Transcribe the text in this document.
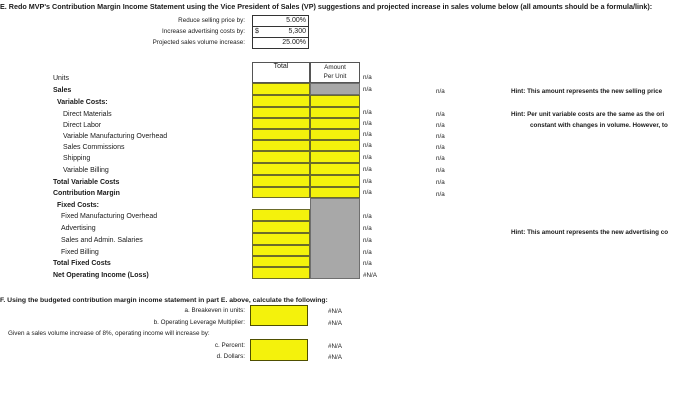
E. Redo MVP's Contribution Margin Income Statement using the Vice President of Sales (VP) suggestions and projected increase in sales volume below (all amounts should be a formula/link):
Reduce selling price by:
Increase advertising costs by:
Projected sales volume increase:
5.00%
$	5,300
25.00%
Total	Amount
Per Unit
Units
Sales
Variable Costs:
Direct Materials
Direct Labor
Variable Manufacturing Overhead
Sales Commissions
Shipping
Variable Billing
Total Variable Costs
Contribution Margin
Fixed Costs:
Fixed Manufacturing Overhead
Advertising
Sales and Admin. Salaries
Fixed Billing
Total Fixed Costs
Net Operating Income (Loss)
n/a
n/a
n/a
n/a
n/a
n/a
n/a
n/a
n/a
n/a
n/a
n/a
n/a
n/a
n/a
#N/A
n/a
n/a
n/a
n/a
n/a
n/a
n/a
n/a
n/a
Hint: This amount represents the new selling price
Hint: Per unit variable costs are the same as the ori
constant with changes in volume. However, to
Hint: This amount represents the new advertising co
F. Using the budgeted contribution margin income statement in part E. above, calculate the following:
a. Breakeven in units:
b. Operating Leverage Multiplier:
Given a sales volume increase of 8%, operating income will increase by:
c. Percent:
d. Dollars:
#N/A
#N/A
#N/A
#N/A
